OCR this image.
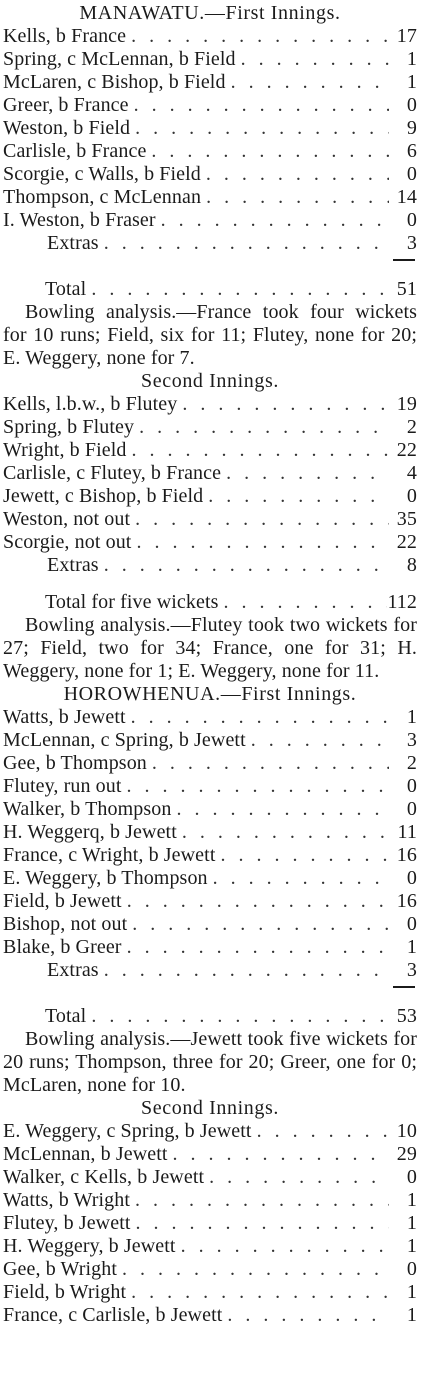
MANAWATU.—First Innings.
Kells, b France . . .	17
Spring, c McLennan, b Field . . .	1
McLaren, c Bishop, b Field . . .	1
Greer, b France . . .	0
Weston, b Field . . .	9
Carlisle, b France . . .	6
Scorgie, c Walls, b Field . . .	0
Thompson, c McLennan . . .	14
I. Weston, b Fraser . . .	0
Extras . . .	3
Total . . .	51

Bowling analysis.—France took four wickets for 10 runs; Field, six for 11; Flutey, none for 20; E. Weggery, none for 7.

Second Innings.
Kells, l.b.w., b Flutey . . .	19
Spring, b Flutey . . .	2
Wright, b Field . . .	22
Carlisle, c Flutey, b France . . .	4
Jewett, c Bishop, b Field . . .	0
Weston, not out . . .	35
Scorgie, not out . . .	22
Extras . . .	8
Total for five wickets . . .	112

Bowling analysis.—Flutey took two wickets for 27; Field, two for 34; France, one for 31; H. Weggery, none for 1; E. Weggery, none for 11.

HOROWHENUA.—First Innings.
Watts, b Jewett . . .	1
McLennan, c Spring, b Jewett . . .	3
Gee, b Thompson . . .	2
Flutey, run out . . .	0
Walker, b Thompson . . .	0
H. Weggerq, b Jewett . . .	11
France, c Wright, b Jewett . . .	16
E. Weggery, b Thompson . . .	0
Field, b Jewett . . .	16
Bishop, not out . . .	0
Blake, b Greer . . .	1
Extras . . .	3
Total . . .	53

Bowling analysis.—Jewett took five wickets for 20 runs; Thompson, three for 20; Greer, one for 0; McLaren, none for 10.

Second Innings.
E. Weggery, c Spring, b Jewett . . .	10
McLennan, b Jewett . . .	29
Walker, c Kells, b Jewett . . .	0
Watts, b Wright . . .	1
Flutey, b Jewett . . .	1
H. Weggery, b Jewett . . .	1
Gee, b Wright . . .	0
Field, b Wright . . .	1
France, c Carlisle, b Jewett . . .	1
